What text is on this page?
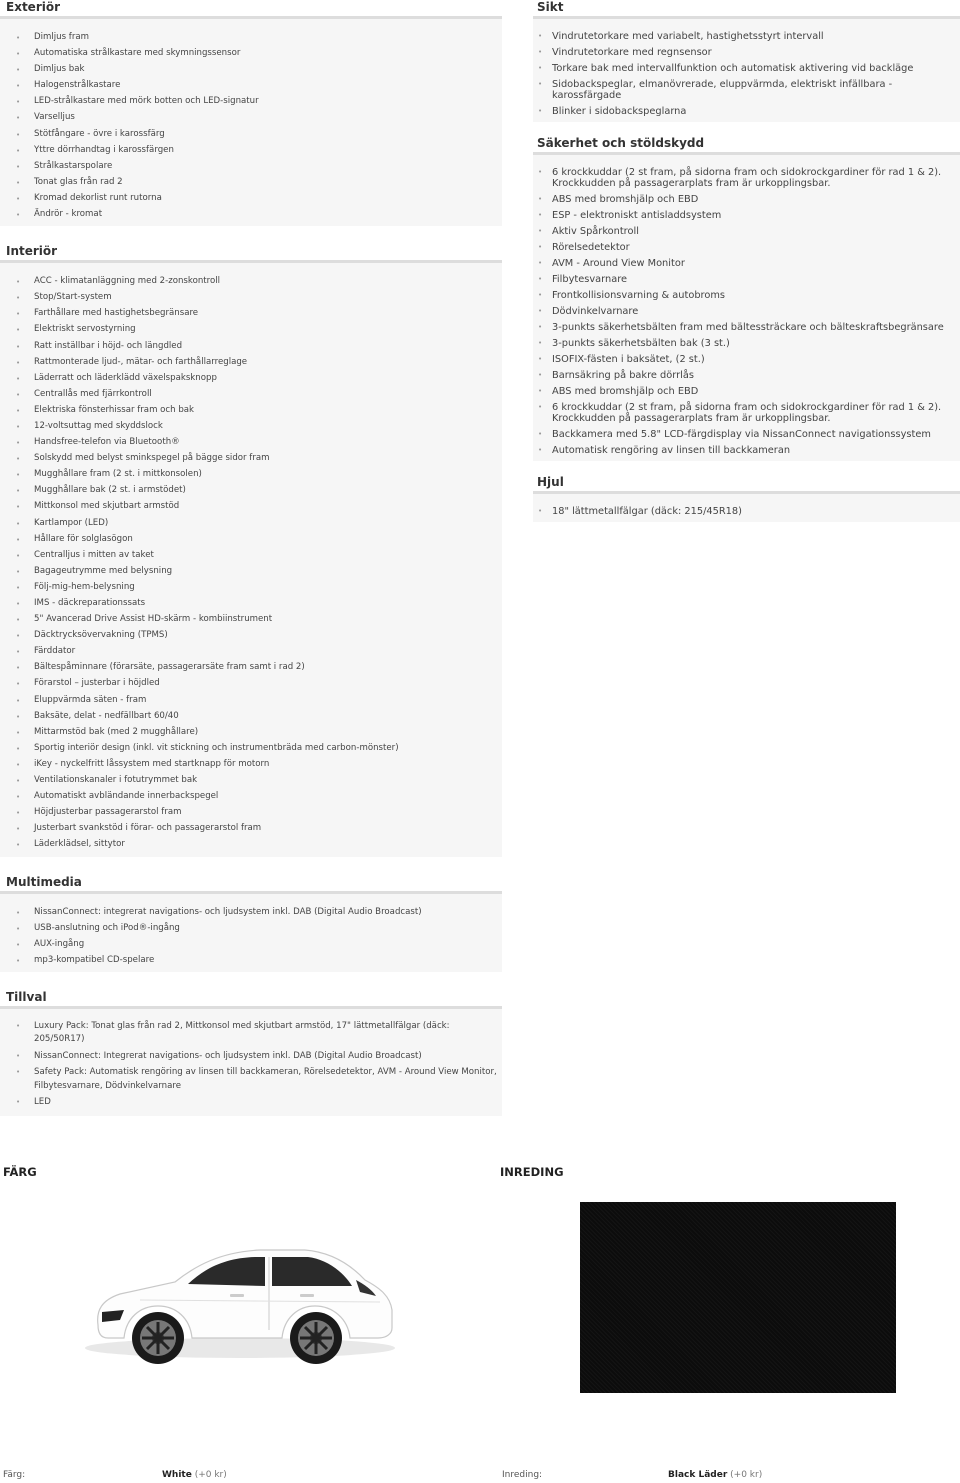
Exteriör
• Dimljus fram
• Automatiska strålkastare med skymningssensor
• Dimljus bak
• Halogenstrålkastare
• LED-strålkastare med mörk botten och LED-signatur
• Varselljus
• Stötfångare - övre i karossfärg
• Yttre dörrhandtag i karossfärgen
• Strålkastarspolare
• Tonat glas från rad 2
• Kromad dekorlist runt rutorna
• Ändrör - kromat
Interiör
• ACC - klimatanläggning med 2-zonskontroll
• Stop/Start-system
• Farthållare med hastighetsbegränsare
• Elektriskt servostyrning
• Ratt inställbar i höjd- och längdled
• Rattmonterade ljud-, mätar- och farthållarreglage
• Läderratt och läderklädd växelspaksknopp
• Centrallås med fjärrkontroll
• Elektriska fönsterhissar fram och bak
• 12-voltsuttag med skyddslock
• Handsfree-telefon via Bluetooth®
• Solskydd med belyst sminkspegel på bägge sidor fram
• Mugghållare fram (2 st. i mittkonsolen)
• Mugghållare bak (2 st. i armstödet)
• Mittkonsol med skjutbart armstöd
• Kartlampor (LED)
• Hållare för solglasögon
• Centralljus i mitten av taket
• Bagageutrymme med belysning
• Följ-mig-hem-belysning
• IMS - däckreparationssats
• 5" Avancerad Drive Assist HD-skärm - kombiinstrument
• Däcktrycksövervakning (TPMS)
• Färddator
• Bältespåminnare (förarsäte, passagerarsäte fram samt i rad 2)
• Förarstol – justerbar i höjdled
• Eluppvärmda säten - fram
• Baksäte, delat - nedfällbart 60/40
• Mittarmstöd bak (med 2 mugghållare)
• Sportig interiör design (inkl. vit stickning och instrumentbräda med carbon-mönster)
• iKey - nyckelfritt låssystem med startknapp för motorn
• Ventilationskanaler i fotutrymmet bak
• Automatiskt avbländande innerbackspegel
• Höjdjusterbar passagerarstol fram
• Justerbart svankstöd i förar- och passagerarstol fram
• Läderklädsel, sittytor
Multimedia
• NissanConnect: integrerat navigations- och ljudsystem inkl. DAB (Digital Audio Broadcast)
• USB-anslutning och iPod®-ingång
• AUX-ingång
• mp3-kompatibel CD-spelare
Tillval
• Luxury Pack: Tonat glas från rad 2, Mittkonsol med skjutbart armstöd, 17" lättmetallfälgar (däck: 205/50R17)
• NissanConnect: Integrerat navigations- och ljudsystem inkl. DAB (Digital Audio Broadcast)
• Safety Pack: Automatisk rengöring av linsen till backkameran, Rörelsedetektor, AVM - Around View Monitor, Filbytesvarnare, Dödvinkelvarnare
• LED
Sikt
• Vindrutetorkare med variabelt, hastighetsstyrt intervall
• Vindrutetorkare med regnsensor
• Torkare bak med intervallfunktion och automatisk aktivering vid backläge
• Sidobackspeglar, elmanövrerade, eluppvärmda, elektriskt infällbara - karossfärgade
• Blinker i sidobackspeglarna
Säkerhet och stöldskydd
• 6 krockkuddar (2 st fram, på sidorna fram och sidokrockgardiner för rad 1 & 2). Krockkudden på passagerarplats fram är urkopplingsbar.
• ABS med bromshjälp och EBD
• ESP - elektroniskt antisladdsystem
• Aktiv Spårkontroll
• Rörelsedetektor
• AVM - Around View Monitor
• Filbytesvarnare
• Frontkollisionsvarning & autobroms
• Dödvinkelvarnare
• 3-punkts säkerhetsbälten fram med bältessträckare och bälteskraftsbegränsare
• 3-punkts säkerhetsbälten bak (3 st.)
• ISOFIX-fästen i baksätet, (2 st.)
• Barnsäkring på bakre dörrlås
• ABS med bromshjälp och EBD
• 6 krockkuddar (2 st fram, på sidorna fram och sidokrockgardiner för rad 1 & 2). Krockkudden på passagerarplats fram är urkopplingsbar.
• Backkamera med 5.8" LCD-färgdisplay via NissanConnect navigationssystem
• Automatisk rengöring av linsen till backkameran
Hjul
• 18" lättmetallfälgar (däck: 215/45R18)
FÄRG	INREDING
Färg:	White (+0 kr)	Inreding:	Black Läder (+0 kr)
